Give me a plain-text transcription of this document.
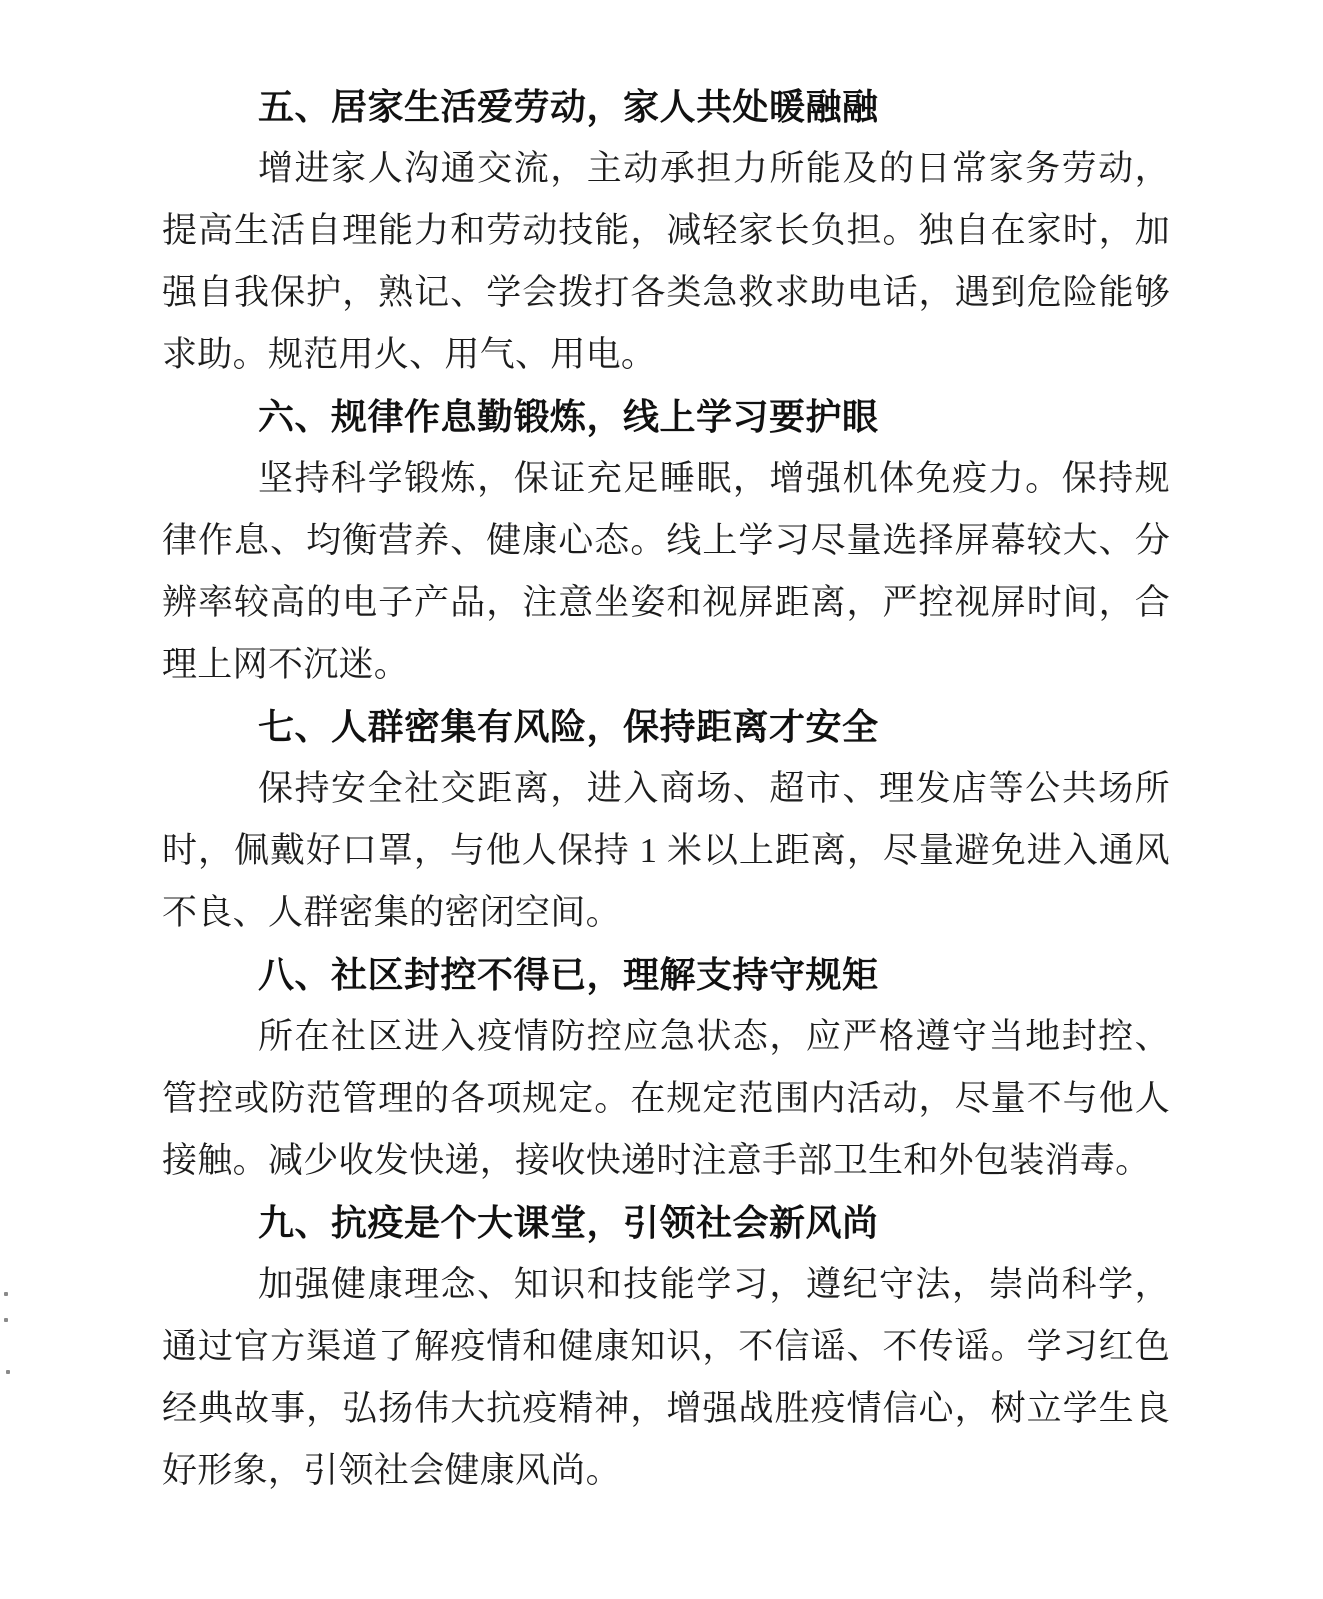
五、居家生活爱劳动，家人共处暖融融

增进家人沟通交流，主动承担力所能及的日常家务劳动，提高生活自理能力和劳动技能，减轻家长负担。独自在家时，加强自我保护，熟记、学会拨打各类急救求助电话，遇到危险能够求助。规范用火、用气、用电。

六、规律作息勤锻炼，线上学习要护眼

坚持科学锻炼，保证充足睡眠，增强机体免疫力。保持规律作息、均衡营养、健康心态。线上学习尽量选择屏幕较大、分辨率较高的电子产品，注意坐姿和视屏距离，严控视屏时间，合理上网不沉迷。

七、人群密集有风险，保持距离才安全

保持安全社交距离，进入商场、超市、理发店等公共场所时，佩戴好口罩，与他人保持 1 米以上距离，尽量避免进入通风不良、人群密集的密闭空间。

八、社区封控不得已，理解支持守规矩

所在社区进入疫情防控应急状态，应严格遵守当地封控、管控或防范管理的各项规定。在规定范围内活动，尽量不与他人接触。减少收发快递，接收快递时注意手部卫生和外包装消毒。

九、抗疫是个大课堂，引领社会新风尚

加强健康理念、知识和技能学习，遵纪守法，崇尚科学，通过官方渠道了解疫情和健康知识，不信谣、不传谣。学习红色经典故事，弘扬伟大抗疫精神，增强战胜疫情信心，树立学生良好形象，引领社会健康风尚。
